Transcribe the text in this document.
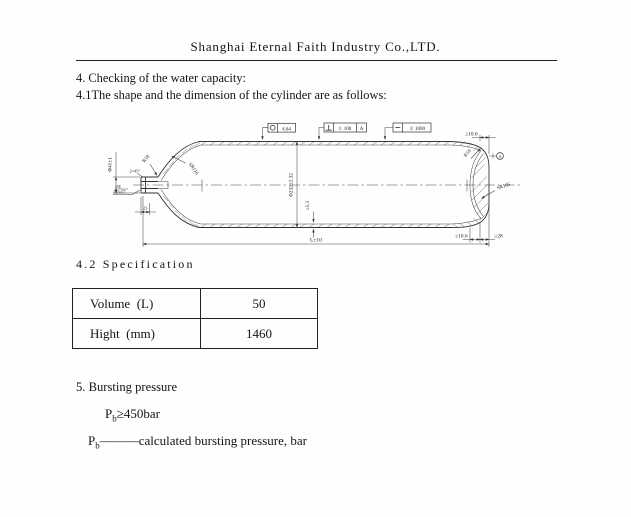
Shanghai Eternal Faith Industry Co.,LTD.
4. Checking of the water capacity:
4.1The shape and the dimension of the cylinder are as follows:
4.64	1: 100 A	3: 1000
Φ41±1	2×45°
25E
DIN477
R18
SR116
23
Φ232±2.32
≥5.3
≥10.6
R18	A
SR105
≥10.6	≥28
L±10
4.2 Specification
Volume  (L)	50
Hight  (mm)	1460
5. Bursting pressure
$P_b\ge 450bar$
$P_b———calculated$ bursting pressure, bar
